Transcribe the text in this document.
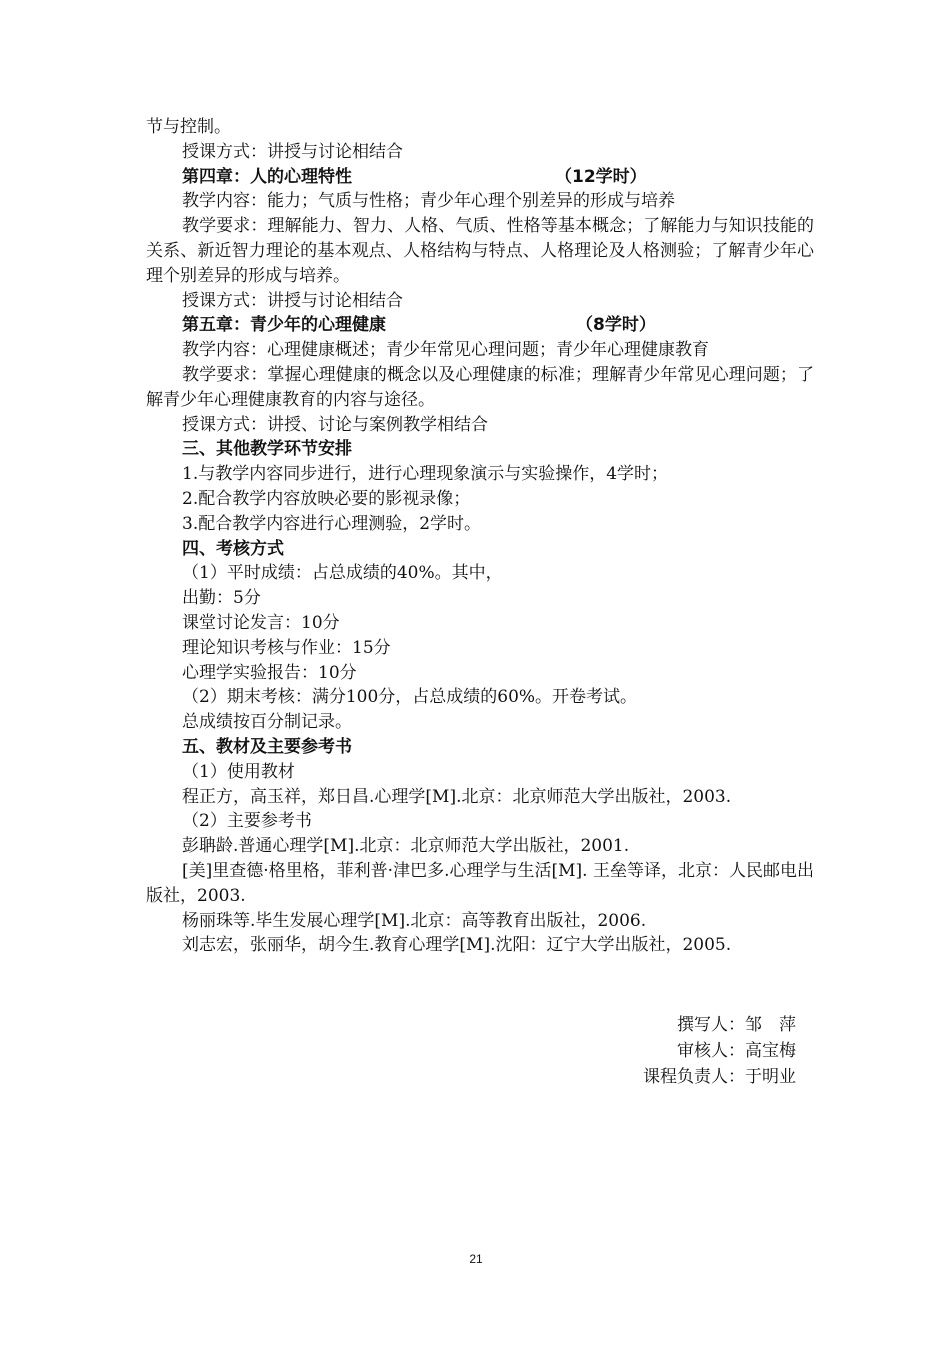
节与控制。
授课方式：讲授与讨论相结合
第四章：人的心理特性	（12学时）
教学内容：能力；气质与性格；青少年心理个别差异的形成与培养
教学要求：理解能力、智力、人格、气质、性格等基本概念；了解能力与知识技能的关系、新近智力理论的基本观点、人格结构与特点、人格理论及人格测验；了解青少年心理个别差异的形成与培养。
授课方式：讲授与讨论相结合
第五章：青少年的心理健康	（8学时）
教学内容：心理健康概述；青少年常见心理问题；青少年心理健康教育
教学要求：掌握心理健康的概念以及心理健康的标准；理解青少年常见心理问题；了解青少年心理健康教育的内容与途径。
授课方式：讲授、讨论与案例教学相结合
三、其他教学环节安排
1.与教学内容同步进行，进行心理现象演示与实验操作，4学时；
2.配合教学内容放映必要的影视录像；
3.配合教学内容进行心理测验，2学时。
四、考核方式
（1）平时成绩：占总成绩的40%。其中，
出勤：5分
课堂讨论发言：10分
理论知识考核与作业：15分
心理学实验报告：10分
（2）期末考核：满分100分，占总成绩的60%。开卷考试。
总成绩按百分制记录。
五、教材及主要参考书
（1）使用教材
程正方，高玉祥，郑日昌.心理学[M].北京：北京师范大学出版社，2003.
（2）主要参考书
彭聃龄.普通心理学[M].北京：北京师范大学出版社，2001.
[美]里查德·格里格，菲利普·津巴多.心理学与生活[M]. 王垒等译，北京：人民邮电出版社，2003.
杨丽珠等.毕生发展心理学[M].北京：高等教育出版社，2006.
刘志宏，张丽华，胡今生.教育心理学[M].沈阳：辽宁大学出版社，2005.
撰写人：邹　萍
审核人：高宝梅
课程负责人：于明业
21
